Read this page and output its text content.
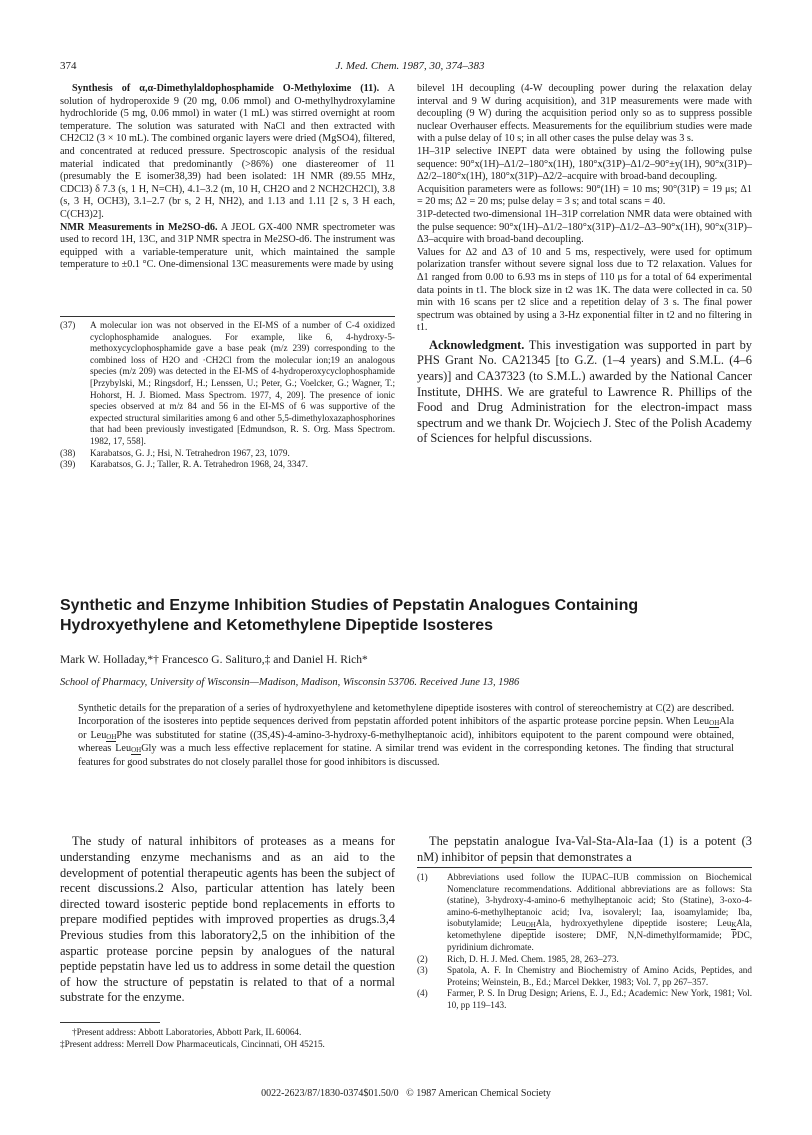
374	J. Med. Chem. 1987, 30, 374–383

Synthesis of α,α-Dimethylaldophosphamide O-Methyloxime (11). A solution of hydroperoxide 9 (20 mg, 0.06 mmol) and O-methylhydroxylamine hydrochloride (5 mg, 0.06 mmol) in water (1 mL) was stirred overnight at room temperature. The solution was saturated with NaCl and then extracted with CH2Cl2 (3 × 10 mL). The combined organic layers were dried (MgSO4), filtered, and concentrated at reduced pressure. Spectroscopic analysis of the residual material indicated that predominantly (>86%) one diastereomer of 11 (presumably the E isomer38,39) had been isolated: 1H NMR (89.55 MHz, CDCl3) δ 7.3 (s, 1 H, N=CH), 4.1–3.2 (m, 10 H, CH2O and 2 NCH2CH2Cl), 3.8 (s, 3 H, OCH3), 3.1–2.7 (br s, 2 H, NH2), and 1.13 and 1.11 [2 s, 3 H each, C(CH3)2].

NMR Measurements in Me2SO-d6. A JEOL GX-400 NMR spectrometer was used to record 1H, 13C, and 31P NMR spectra in Me2SO-d6. The instrument was equipped with a variable-temperature unit, which maintained the sample temperature to ±0.1 °C. One-dimensional 13C measurements were made by using

(37)	A molecular ion was not observed in the EI-MS of a number of C-4 oxidized cyclophosphamide analogues. For example, like 6, 4-hydroxy-5-methoxycyclophosphamide gave a base peak (m/z 239) corresponding to the combined loss of H2O and ·CH2Cl from the molecular ion;19 an analogous species (m/z 209) was detected in the EI-MS of 4-hydroperoxycyclophosphamide [Przybylski, M.; Ringsdorf, H.; Lenssen, U.; Peter, G.; Voelcker, G.; Wagner, T.; Hohorst, H. J. Biomed. Mass Spectrom. 1977, 4, 209]. The presence of ionic species observed at m/z 84 and 56 in the EI-MS of 6 was supportive of the expected structural similarities among 6 and other 5,5-dimethyloxazaphosphorines that had been previously investigated [Edmundson, R. S. Org. Mass Spectrom. 1982, 17, 558].
(38)	Karabatsos, G. J.; Hsi, N. Tetrahedron 1967, 23, 1079.
(39)	Karabatsos, G. J.; Taller, R. A. Tetrahedron 1968, 24, 3347.

bilevel 1H decoupling (4-W decoupling power during the relaxation delay interval and 9 W during acquisition), and 31P measurements were made with decoupling (9 W) during the acquisition period only so as to suppress possible nuclear Overhauser effects. Measurements for the equilibrium studies were made with a pulse delay of 10 s; in all other cases the pulse delay was 3 s.

1H–31P selective INEPT data were obtained by using the following pulse sequence: 90°x(1H)–Δ1/2–180°x(1H), 180°x(31P)–Δ1/2–90°±y(1H), 90°x(31P)–Δ2/2–180°x(1H), 180°x(31P)–Δ2/2–acquire with broad-band decoupling.

Acquisition parameters were as follows: 90°(1H) = 10 ms; 90°(31P) = 19 μs; Δ1 = 20 ms; Δ2 = 20 ms; pulse delay = 3 s; and total scans = 40.

31P-detected two-dimensional 1H–31P correlation NMR data were obtained with the pulse sequence: 90°x(1H)–Δ1/2–180°x(31P)–Δ1/2–Δ3–90°x(1H), 90°x(31P)–Δ3–acquire with broad-band decoupling.

Values for Δ2 and Δ3 of 10 and 5 ms, respectively, were used for optimum polarization transfer without severe signal loss due to T2 relaxation. Values for Δ1 ranged from 0.00 to 6.93 ms in steps of 110 μs for a total of 64 experimental data points in t1. The block size in t2 was 1K. The data were collected in ca. 50 min with 16 scans per t2 slice and a repetition delay of 3 s. The final power spectrum was obtained by using a 3-Hz exponential filter in t2 and no filtering in t1.

Acknowledgment. This investigation was supported in part by PHS Grant No. CA21345 [to G.Z. (1–4 years) and S.M.L. (4–6 years)] and CA37323 (to S.M.L.) awarded by the National Cancer Institute, DHHS. We are grateful to Lawrence R. Phillips of the Food and Drug Administration for the electron-impact mass spectrum and we thank Dr. Wojciech J. Stec of the Polish Academy of Sciences for helpful discussions.

Synthetic and Enzyme Inhibition Studies of Pepstatin Analogues Containing Hydroxyethylene and Ketomethylene Dipeptide Isosteres
Mark W. Holladay,*† Francesco G. Salituro,‡ and Daniel H. Rich*
School of Pharmacy, University of Wisconsin—Madison, Madison, Wisconsin 53706. Received June 13, 1986

Synthetic details for the preparation of a series of hydroxyethylene and ketomethylene dipeptide isosteres with control of stereochemistry at C(2) are described. Incorporation of the isosteres into peptide sequences derived from pepstatin afforded potent inhibitors of the aspartic protease porcine pepsin. When Leu OH Ala or Leu OH Phe was substituted for statine ((3S,4S)-4-amino-3-hydroxy-6-methylheptanoic acid), inhibitors equipotent to the parent compound were obtained, whereas Leu OH Gly was a much less effective replacement for statine. A similar trend was evident in the corresponding ketones. The finding that structural features for good substrates do not closely parallel those for good inhibitors is discussed.

The study of natural inhibitors of proteases as a means for understanding enzyme mechanisms and as an aid to the development of potential therapeutic agents has been the subject of recent discussions.2 Also, particular attention has lately been directed toward isosteric peptide bond replacements in efforts to prepare modified peptides with improved properties as drugs.3,4 Previous studies from this laboratory2,5 on the inhibition of the aspartic protease porcine pepsin by analogues of the natural peptide pepstatin have led us to address in some detail the question of how the structure of pepstatin is related to that of a normal substrate for the enzyme.

†Present address: Abbott Laboratories, Abbott Park, IL 60064.

‡Present address: Merrell Dow Pharmaceuticals, Cincinnati, OH 45215.

The pepstatin analogue Iva-Val-Sta-Ala-Iaa (1) is a potent (3 nM) inhibitor of pepsin that demonstrates a

(1)	Abbreviations used follow the IUPAC–IUB commission on Biochemical Nomenclature recommendations. Additional abbreviations are as follows: Sta (statine), 3-hydroxy-4-amino-6 methylheptanoic acid; Sto (Statine), 3-oxo-4-amino-6-methylheptanoic acid; Iva, isovaleryl; Iaa, isoamylamide; Iba, isobutylamide; Leu OH Ala, hydroxyethylene dipeptide isostere; Leu K Ala, ketomethylene dipeptide isostere; DMF, N,N-dimethylformamide; PDC, pyridinium dichromate.
(2)	Rich, D. H. J. Med. Chem. 1985, 28, 263–273.
(3)	Spatola, A. F. In Chemistry and Biochemistry of Amino Acids, Peptides, and Proteins; Weinstein, B., Ed.; Marcel Dekker, 1983; Vol. 7, pp 267–357.
(4)	Farmer, P. S. In Drug Design; Ariens, E. J., Ed.; Academic: New York, 1981; Vol. 10, pp 119–143.
0022-2623/87/1830-0374$01.50/0   © 1987 American Chemical Society
